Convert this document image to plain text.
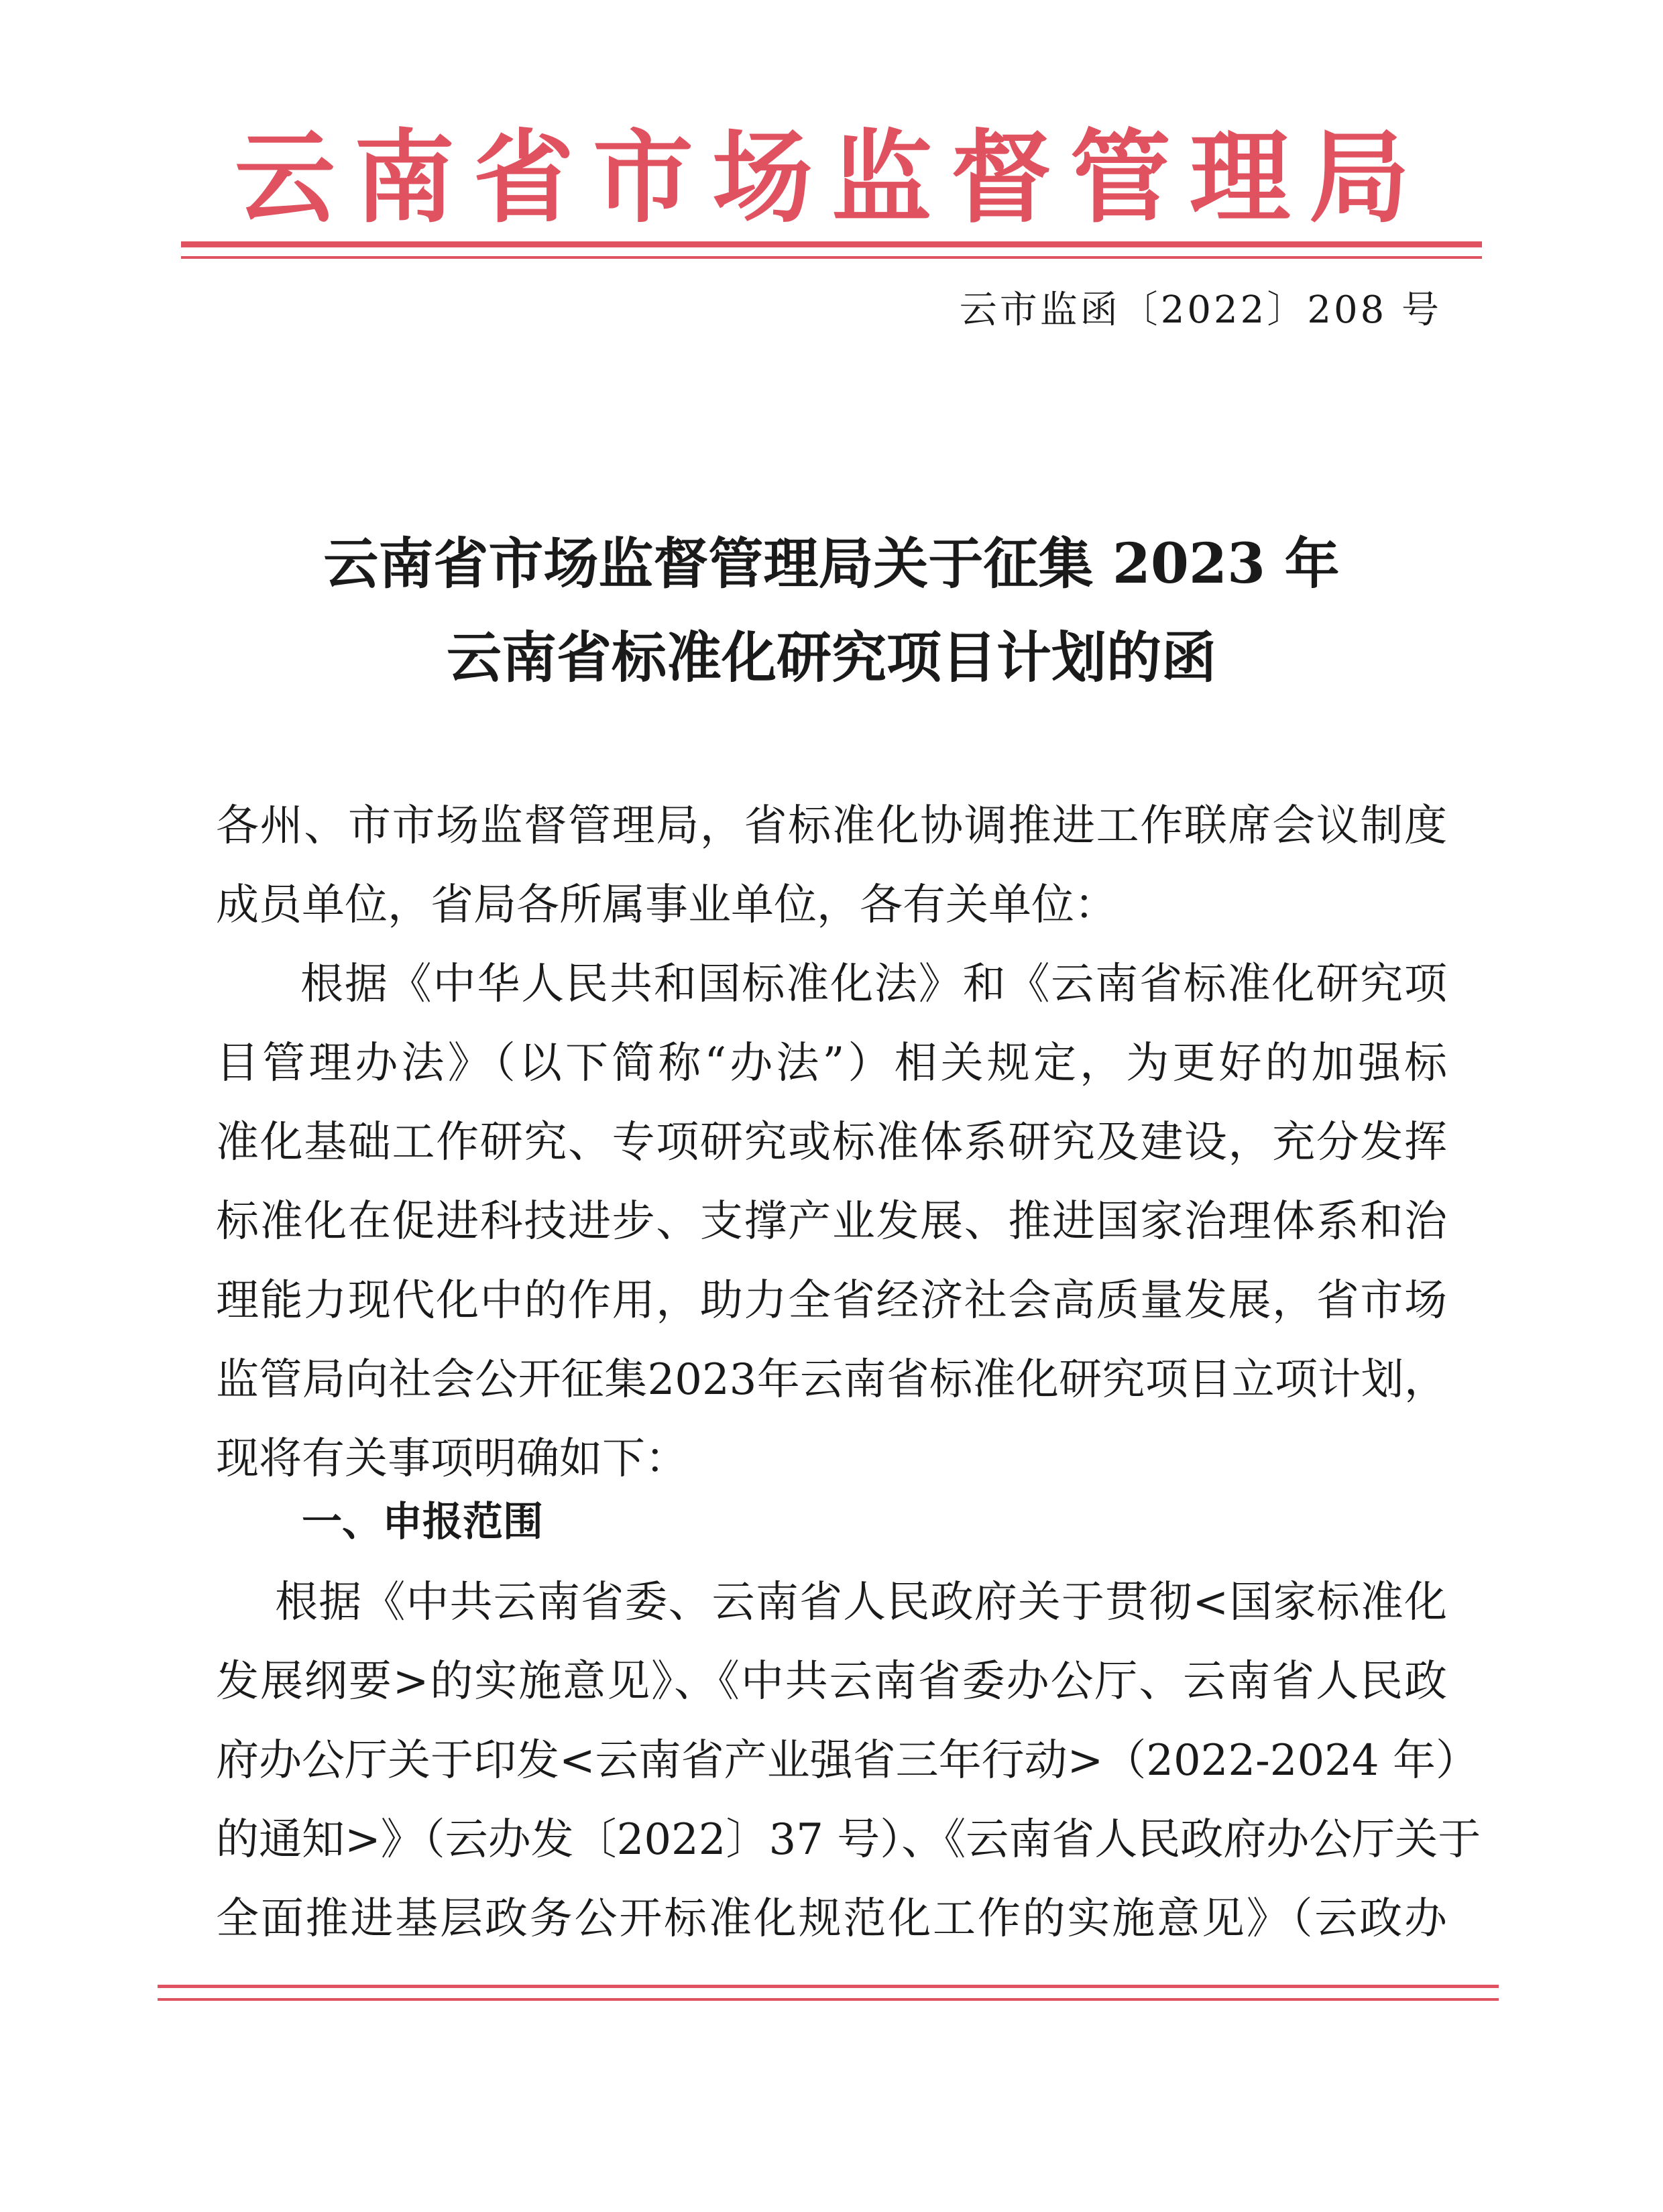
云南省市场监督管理局
云市监函〔2022〕208 号
云南省市场监督管理局关于征集 2023 年
云南省标准化研究项目计划的函
各州、市市场监督管理局，省标准化协调推进工作联席会议制度
成员单位，省局各所属事业单位，各有关单位：
根据《中华人民共和国标准化法》和《云南省标准化研究项
目管理办法》（以下简称“办法”）相关规定，为更好的加强标
准化基础工作研究、专项研究或标准体系研究及建设，充分发挥
标准化在促进科技进步、支撑产业发展、推进国家治理体系和治
理能力现代化中的作用，助力全省经济社会高质量发展，省市场
监管局向社会公开征集2023年云南省标准化研究项目立项计划，
现将有关事项明确如下：
一、申报范围
根据《中共云南省委、云南省人民政府关于贯彻<国家标准化
发展纲要>的实施意见》、《中共云南省委办公厅、云南省人民政
府办公厅关于印发<云南省产业强省三年行动>（2022-2024 年）
的通知>》（云办发〔2022〕37 号）、《云南省人民政府办公厅关于
全面推进基层政务公开标准化规范化工作的实施意见》（云政办
